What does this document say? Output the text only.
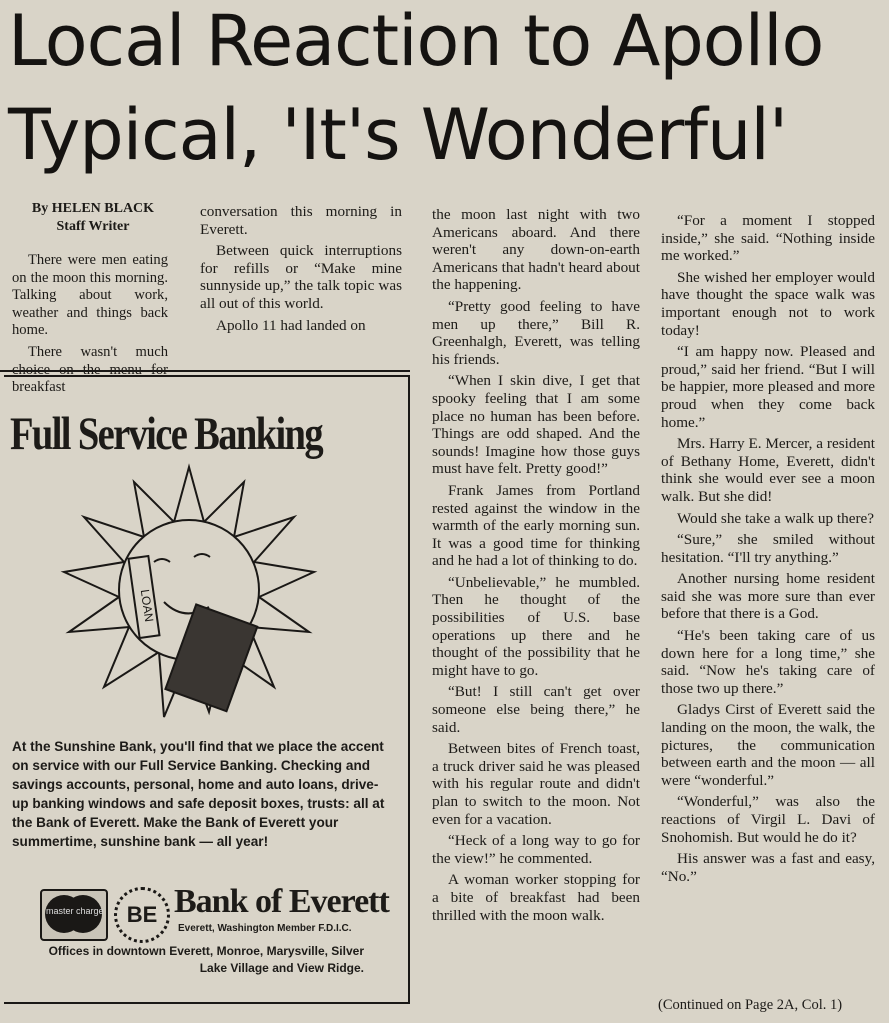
Local Reaction to Apollo
Typical, 'It's Wonderful'
By HELEN BLACK
Staff Writer

There were men eating on the moon this morning. Talking about work, weather and things back home.

There wasn't much breakfast

conversation this morning in Everett.

Between quick interruptions for refills or “Make mine sunnyside up,” the talk topic was all out of this world.

Apollo 11 had landed on

Full Service Banking
LOAN
At the Sunshine Bank, you'll find that we place the accent on service with our Full Service Banking. Checking and savings accounts, personal, home and auto loans, drive-up banking windows and safe deposit boxes, trusts: all at the Bank of Everett. Make the Bank of Everett your summertime, sunshine bank — all year!
master charge	BE Bank of Everett
Everett, Washington Member F.D.I.C.
Offices in downtown Everett, Monroe, Marysville, Silver Lake Village and View Ridge.

the moon last night with two Americans aboard. And there weren't any down-on-earth Americans that hadn't heard about the happening.

“Pretty good feeling to have men up there,” Bill R. Greenhalgh, Everett, was telling his friends.

“When I skin dive, I get that spooky feeling that I am some place no human has been before. Things are odd shaped. And the sounds! Imagine how those guys must have felt. Pretty good!”

Frank James from Portland rested against the window in the warmth of the early morning sun. It was a good time for thinking and he had a lot of thinking to do.

“Unbelievable,” he mumbled. Then he thought of the possibilities of U.S. base operations up there and he thought of the possibility that he might have to go.

“But! I still can't get over someone else being there,” he said.

Between bites of French toast, a truck driver said he was pleased with his regular route and didn't plan to switch to the moon. Not even for a vacation.

“Heck of a long way to go for the view!” he commented.

A woman worker stopping for a bite of breakfast had been thrilled with the moon walk.

“For a moment I stopped inside,” she said. “Nothing inside me worked.”

She wished her employer would have thought the space walk was important enough not to work today!

“I am happy now. Pleased and proud,” said her friend. “But I will be happier, more pleased and more proud when they come back home.”

Mrs. Harry E. Mercer, a resident of Bethany Home, Everett, didn't think she would ever see a moon walk. But she did!

Would she take a walk up there?

“Sure,” she smiled without hesitation. “I'll try anything.”

Another nursing home resident said she was more sure than ever before that there is a God.

“He's been taking care of us down here for a long time,” she said. “Now he's taking care of those two up there.”

Gladys Cirst of Everett said the landing on the moon, the walk, the pictures, the communication between earth and the moon — all were “wonderful.”

“Wonderful,” was also the reactions of Virgil L. Davi of Snohomish. But would he do it?

His answer was a fast and easy, “No.”

(Continued on Page 2A, Col. 1)
